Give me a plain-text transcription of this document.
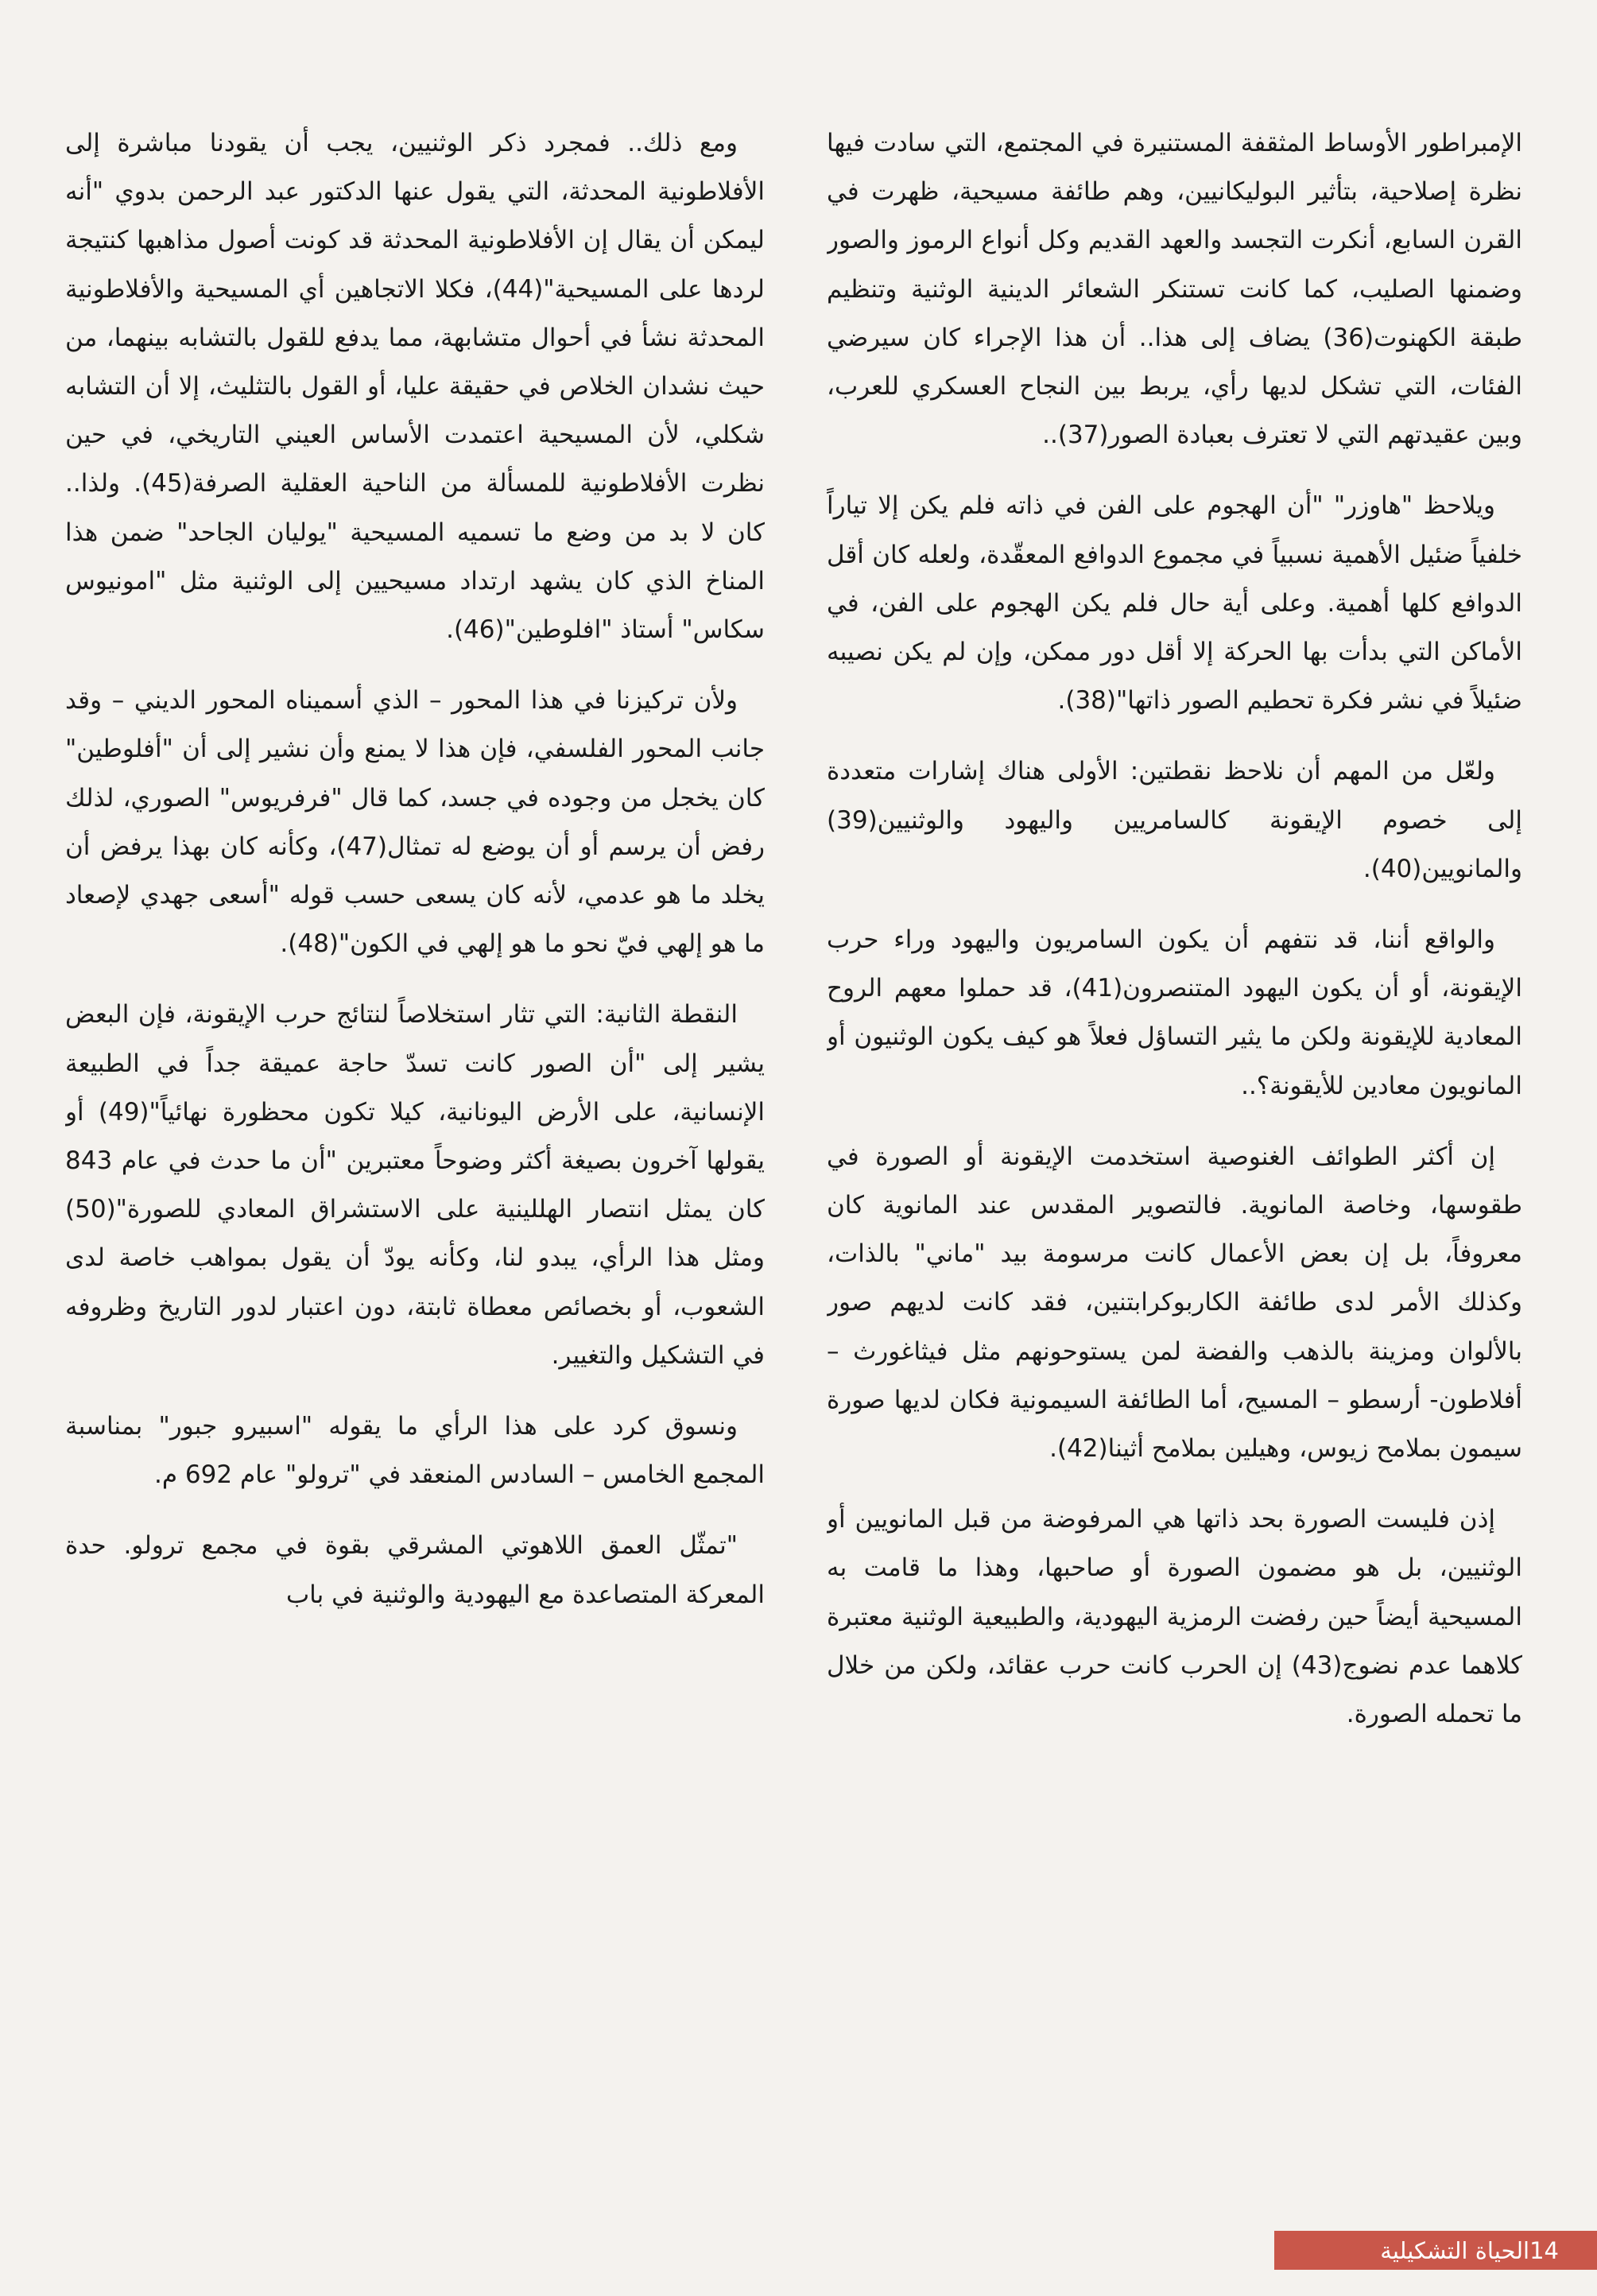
الإمبراطور الأوساط المثقفة المستنيرة في المجتمع، التي سادت فيها نظرة إصلاحية، بتأثير البوليكانيين، وهم طائفة مسيحية، ظهرت في القرن السابع، أنكرت التجسد والعهد القديم وكل أنواع الرموز والصور وضمنها الصليب، كما كانت تستنكر الشعائر الدينية الوثنية وتنظيم طبقة الكهنوت(36) يضاف إلى هذا.. أن هذا الإجراء كان سيرضي الفئات، التي تشكل لديها رأي، يربط بين النجاح العسكري للعرب، وبين عقيدتهم التي لا تعترف بعبادة الصور(37)..

ويلاحظ "هاوزر" "أن الهجوم على الفن في ذاته فلم يكن إلا تياراً خلفياً ضئيل الأهمية نسبياً في مجموع الدوافع المعقّدة، ولعله كان أقل الدوافع كلها أهمية. وعلى أية حال فلم يكن الهجوم على الفن، في الأماكن التي بدأت بها الحركة إلا أقل دور ممكن، وإن لم يكن نصيبه ضئيلاً في نشر فكرة تحطيم الصور ذاتها"(38).

ولعّل من المهم أن نلاحظ نقطتين: الأولى هناك إشارات متعددة إلى خصوم الإيقونة كالسامريين واليهود والوثنيين(39) والمانويين(40).

والواقع أننا، قد نتفهم أن يكون السامريون واليهود وراء حرب الإيقونة، أو أن يكون اليهود المتنصرون(41)، قد حملوا معهم الروح المعادية للإيقونة ولكن ما يثير التساؤل فعلاً هو كيف يكون الوثنيون أو المانويون معادين للأيقونة؟..

إن أكثر الطوائف الغنوصية استخدمت الإيقونة أو الصورة في طقوسها، وخاصة المانوية. فالتصوير المقدس عند المانوية كان معروفاً، بل إن بعض الأعمال كانت مرسومة بيد "ماني" بالذات، وكذلك الأمر لدى طائفة الكاربوكرابتنين، فقد كانت لديهم صور بالألوان ومزينة بالذهب والفضة لمن يستوحونهم مثل فيثاغورث – أفلاطون- أرسطو – المسيح، أما الطائفة السيمونية فكان لديها صورة سيمون بملامح زيوس، وهيلين بملامح أثينا(42).

إذن فليست الصورة بحد ذاتها هي المرفوضة من قبل المانويين أو الوثنيين، بل هو مضمون الصورة أو صاحبها، وهذا ما قامت به المسيحية أيضاً حين رفضت الرمزية اليهودية، والطبيعية الوثنية معتبرة كلاهما عدم نضوج(43) إن الحرب كانت حرب عقائد، ولكن من خلال ما تحمله الصورة.

ومع ذلك.. فمجرد ذكر الوثنيين، يجب أن يقودنا مباشرة إلى الأفلاطونية المحدثة، التي يقول عنها الدكتور عبد الرحمن بدوي "أنه ليمكن أن يقال إن الأفلاطونية المحدثة قد كونت أصول مذاهبها كنتيجة لردها على المسيحية"(44)، فكلا الاتجاهين أي المسيحية والأفلاطونية المحدثة نشأ في أحوال متشابهة، مما يدفع للقول بالتشابه بينهما، من حيث نشدان الخلاص في حقيقة عليا، أو القول بالتثليث، إلا أن التشابه شكلي، لأن المسيحية اعتمدت الأساس العيني التاريخي، في حين نظرت الأفلاطونية للمسألة من الناحية العقلية الصرفة(45). ولذا.. كان لا بد من وضع ما تسميه المسيحية "يوليان الجاحد" ضمن هذا المناخ الذي كان يشهد ارتداد مسيحيين إلى الوثنية مثل "امونيوس سكاس" أستاذ "افلوطين"(46).

ولأن تركيزنا في هذا المحور – الذي أسميناه المحور الديني – وقد جانب المحور الفلسفي، فإن هذا لا يمنع وأن نشير إلى أن "أفلوطين" كان يخجل من وجوده في جسد، كما قال "فرفريوس" الصوري، لذلك رفض أن يرسم أو أن يوضع له تمثال(47)، وكأنه كان بهذا يرفض أن يخلد ما هو عدمي، لأنه كان يسعى حسب قوله "أسعى جهدي لإصعاد ما هو إلهي فيّ نحو ما هو إلهي في الكون"(48).

النقطة الثانية: التي تثار استخلاصاً لنتائج حرب الإيقونة، فإن البعض يشير إلى "أن الصور كانت تسدّ حاجة عميقة جداً في الطبيعة الإنسانية، على الأرض اليونانية، كيلا تكون محظورة نهائياً"(49) أو يقولها آخرون بصيغة أكثر وضوحاً معتبرين "أن ما حدث في عام 843 كان يمثل انتصار الهللينية على الاستشراق المعادي للصورة"(50) ومثل هذا الرأي، يبدو لنا، وكأنه يودّ أن يقول بمواهب خاصة لدى الشعوب، أو بخصائص معطاة ثابتة، دون اعتبار لدور التاريخ وظروفه في التشكيل والتغيير.

ونسوق كرد على هذا الرأي ما يقوله "اسبيرو جبور" بمناسبة المجمع الخامس – السادس المنعقد في "ترولو" عام 692 م.

"تمثّل العمق اللاهوتي المشرقي بقوة في مجمع ترولو. حدة المعركة المتصاعدة مع اليهودية والوثنية في باب

الحياة التشكيلية 14
